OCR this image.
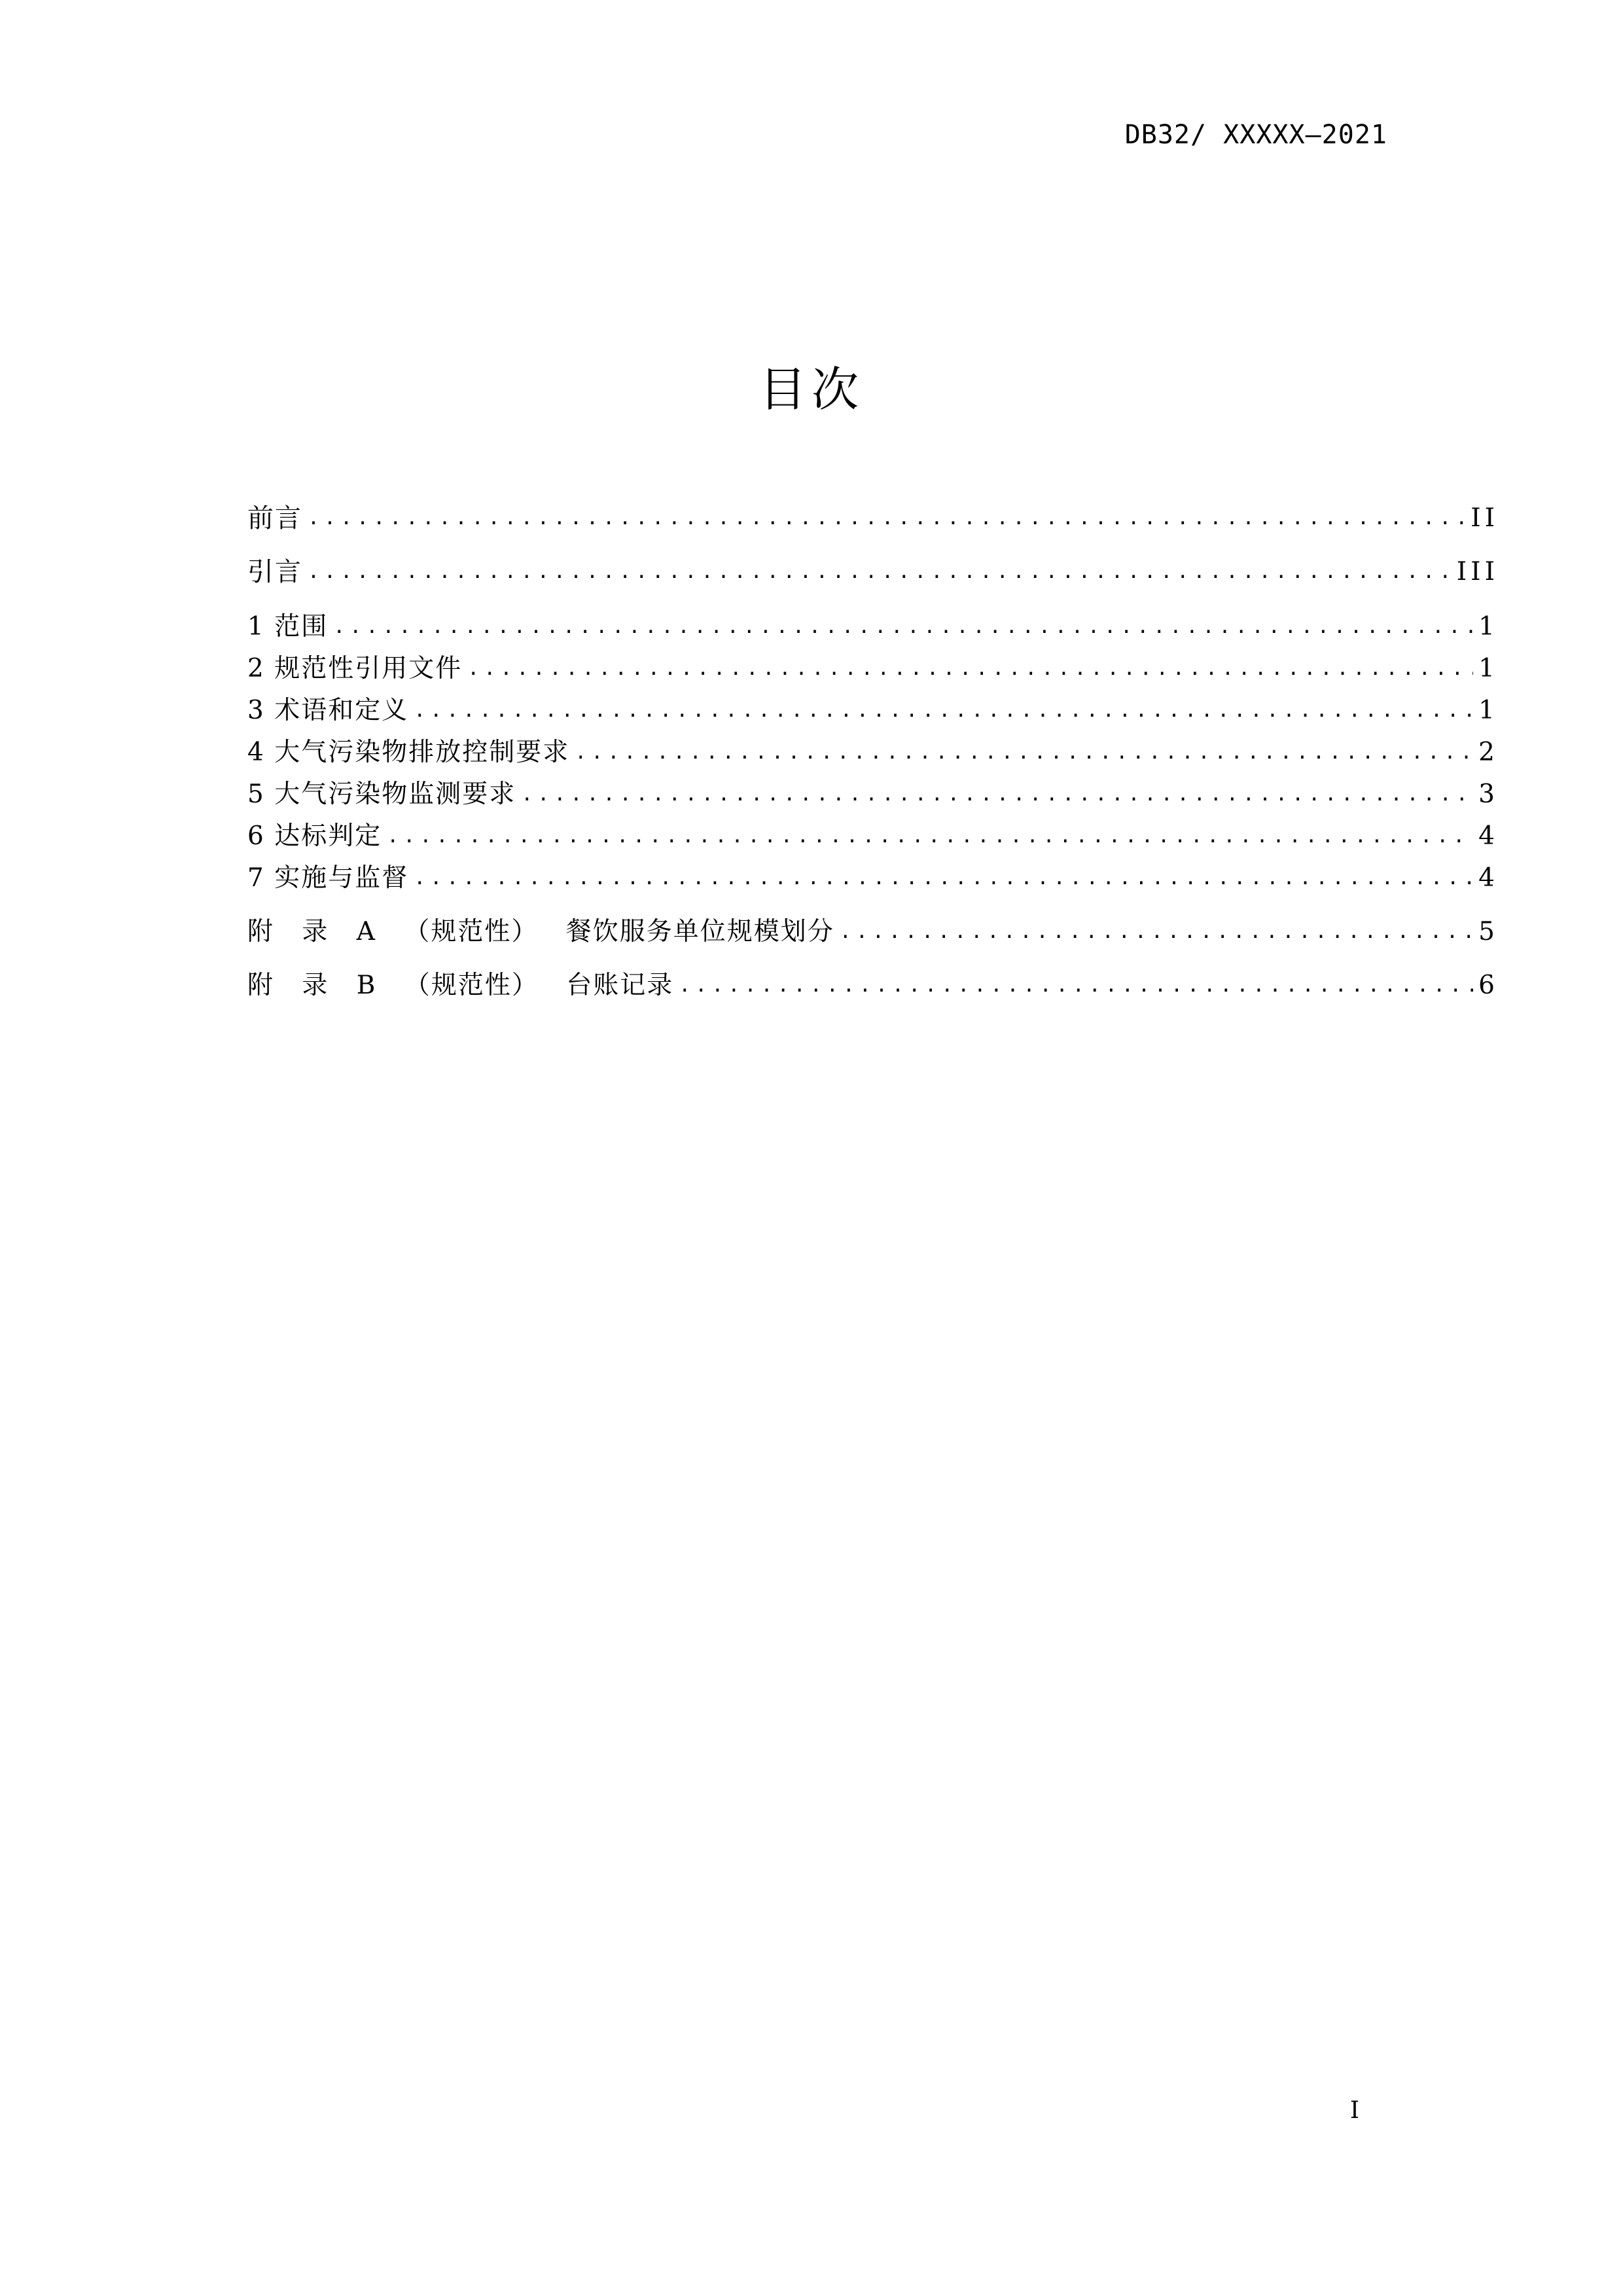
DB32/ XXXXX—2021
目次
前言 .....	II
引言 .....	III
1 范围 .....	1
2 规范性引用文件 .....	1
3 术语和定义 .....	1
4 大气污染物排放控制要求 .....	2
5 大气污染物监测要求 .....	3
6 达标判定 .....	4
7 实施与监督 .....	4
附 录 A （规范性） 餐饮服务单位规模划分 .....	5
附 录 B （规范性） 台账记录 .....	6
I
